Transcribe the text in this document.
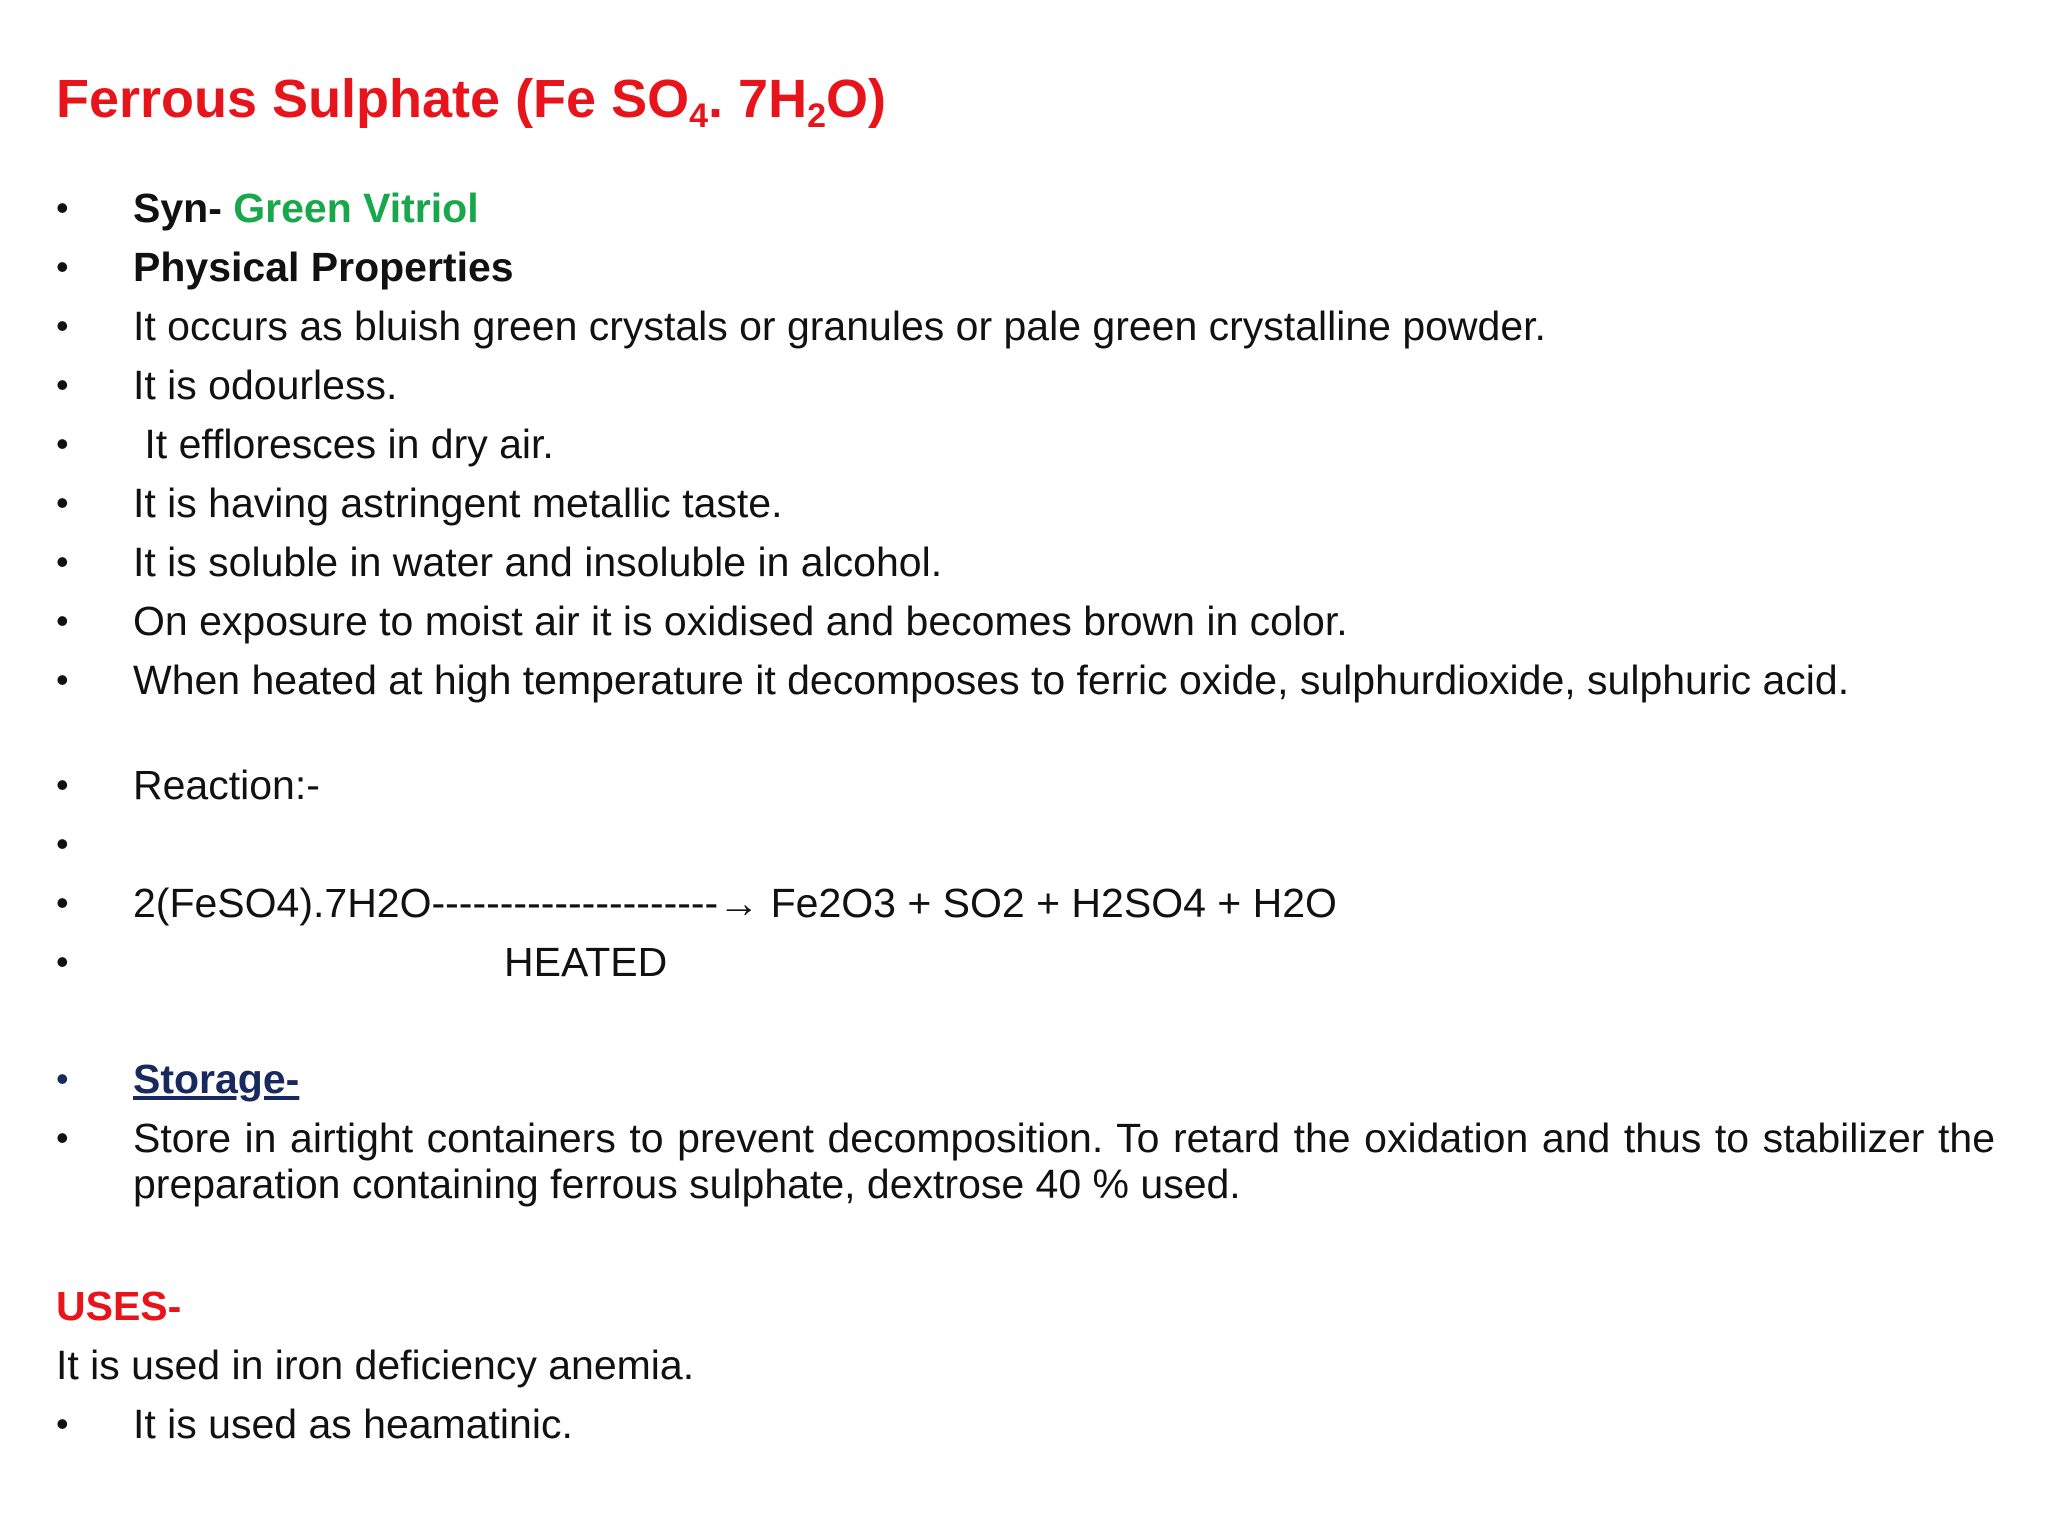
Ferrous Sulphate (Fe $SO_4$. $7H_2O$)
•	Syn- Green Vitriol
•	Physical Properties
•	It occurs as bluish green crystals or granules or pale green crystalline powder.
•	It is odourless.
•	It effloresces in dry air.
•	It is having astringent metallic taste.
•	It is soluble in water and insoluble in alcohol.
•	On exposure to moist air it is oxidised and becomes brown in color.
•	When heated at high temperature it decomposes to ferric oxide, sulphurdioxide, sulphuric acid.
•	Reaction:-
•
•	2(FeSO4).7H2O---------------------→ Fe2O3 + SO2 + H2SO4 + H2O
•	HEATED
•	Storage-
•	Store in airtight containers to prevent decomposition. To retard the oxidation and thus to stabilizer the preparation containing ferrous sulphate, dextrose 40 % used.
USES-
It is used in iron deficiency anemia.
•	It is used as heamatinic.
